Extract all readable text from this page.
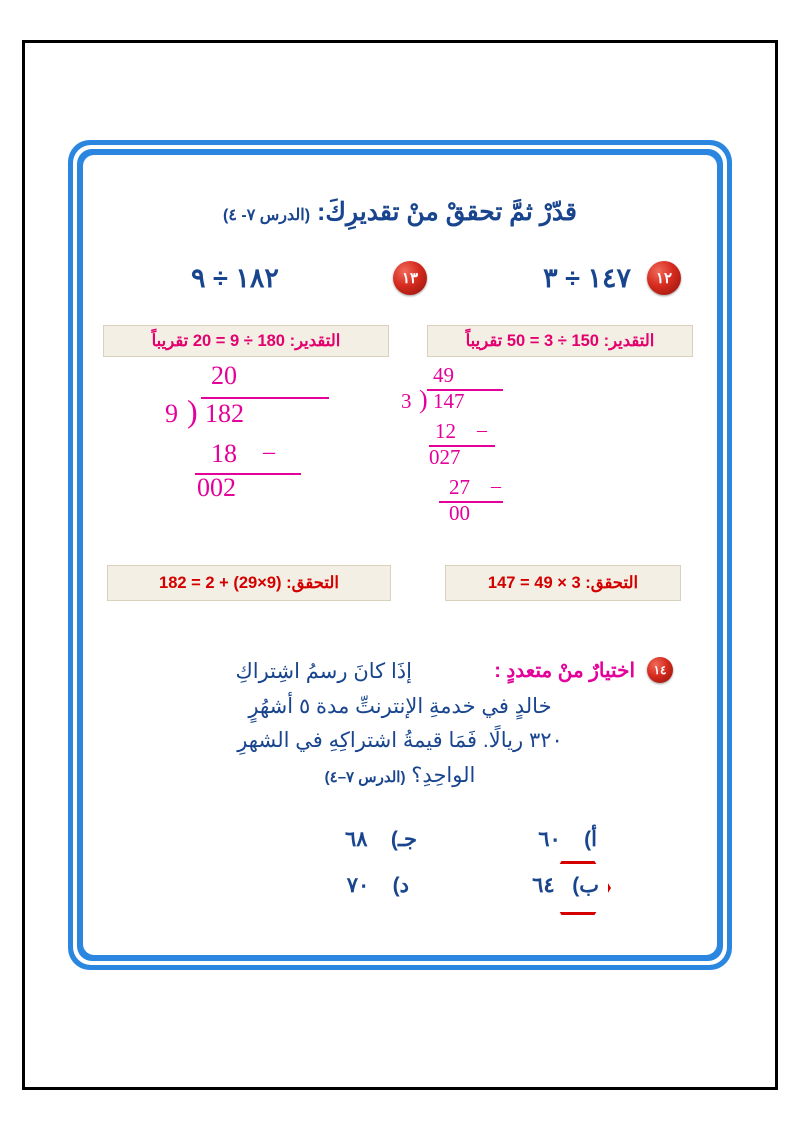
قدّرْ ثمَّ تحققْ منْ تقديرِكَ: (الدرس ٧- ٤)
١٢
١٤٧ ÷ ٣
التقدير: 150 ÷ 3 = 50 تقريباً
49
3 ) 147
12 –
027
27 –
00
التحقق: 3 × 49 = 147
١٣
١٨٢ ÷ ٩
التقدير: 180 ÷ 9 = 20 تقريباً
20
9 ) 182
18 –
002
التحقق: (9×29) + 2 = 182
١٤
اختيارٌ منْ متعددٍ :
إذَا كانَ رسمُ اشِتراكِ
خالدٍ في خدمةِ الإنترنتِّ مدة ٥ أشهُرٍ
٣٢٠ ريالًا. فَمَا قيمةُ اشتراكِهِ في الشهرِ
الواحِدِ؟ (الدرس ٧–٤)
أ)    ٦٠
ب)   ٦٤
جـ)    ٦٨
د)    ٧٠
